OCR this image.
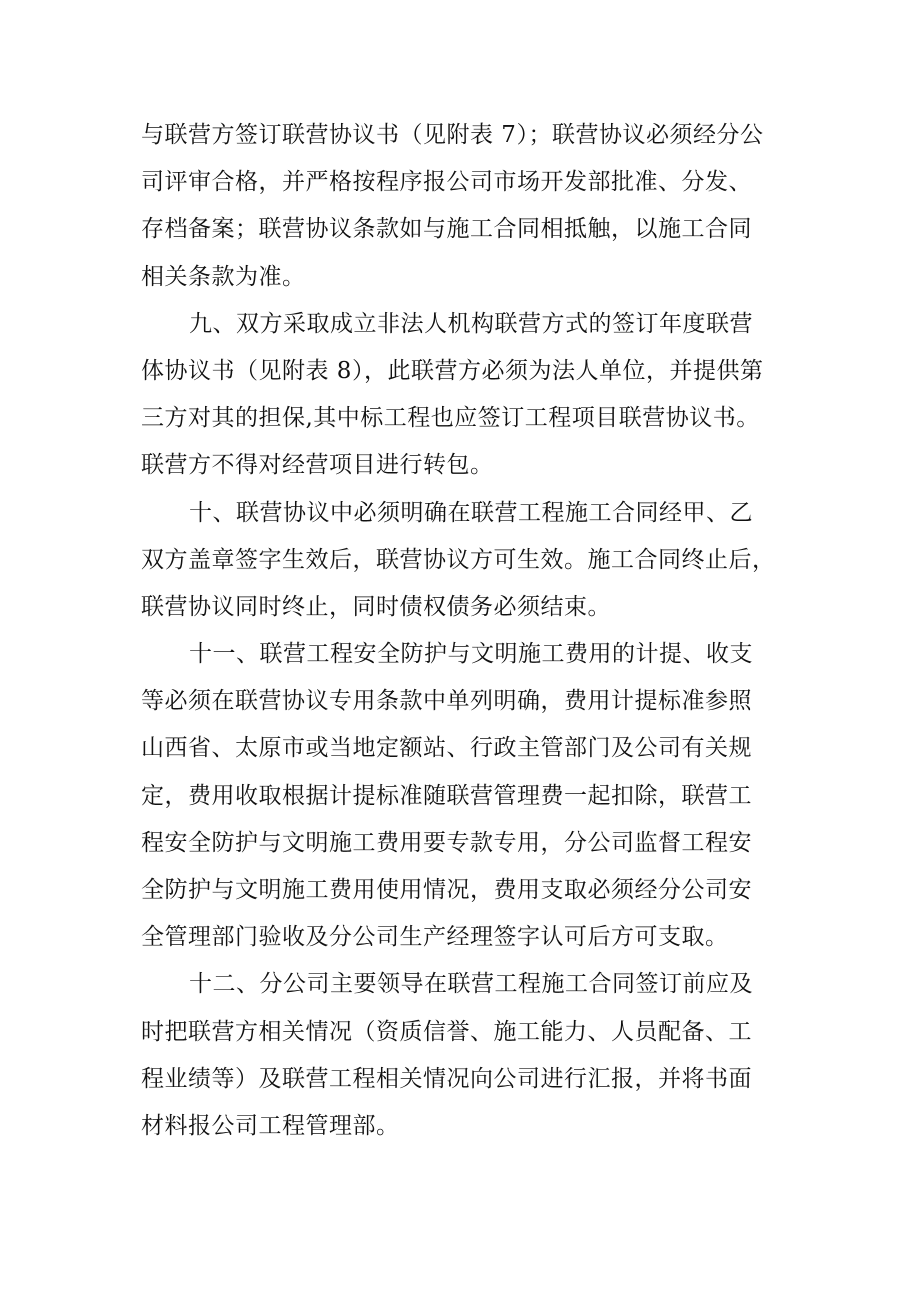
与联营方签订联营协议书（见附表 7）；联营协议必须经分公
司评审合格，并严格按程序报公司市场开发部批准、分发、
存档备案；联营协议条款如与施工合同相抵触，以施工合同
相关条款为准。
九、双方采取成立非法人机构联营方式的签订年度联营
体协议书（见附表 8），此联营方必须为法人单位，并提供第
三方对其的担保,其中标工程也应签订工程项目联营协议书。
联营方不得对经营项目进行转包。
十、联营协议中必须明确在联营工程施工合同经甲、乙
双方盖章签字生效后，联营协议方可生效。施工合同终止后，
联营协议同时终止，同时债权债务必须结束。
十一、联营工程安全防护与文明施工费用的计提、收支
等必须在联营协议专用条款中单列明确，费用计提标准参照
山西省、太原市或当地定额站、行政主管部门及公司有关规
定，费用收取根据计提标准随联营管理费一起扣除，联营工
程安全防护与文明施工费用要专款专用，分公司监督工程安
全防护与文明施工费用使用情况，费用支取必须经分公司安
全管理部门验收及分公司生产经理签字认可后方可支取。
十二、分公司主要领导在联营工程施工合同签订前应及
时把联营方相关情况（资质信誉、施工能力、人员配备、工
程业绩等）及联营工程相关情况向公司进行汇报，并将书面
材料报公司工程管理部。
